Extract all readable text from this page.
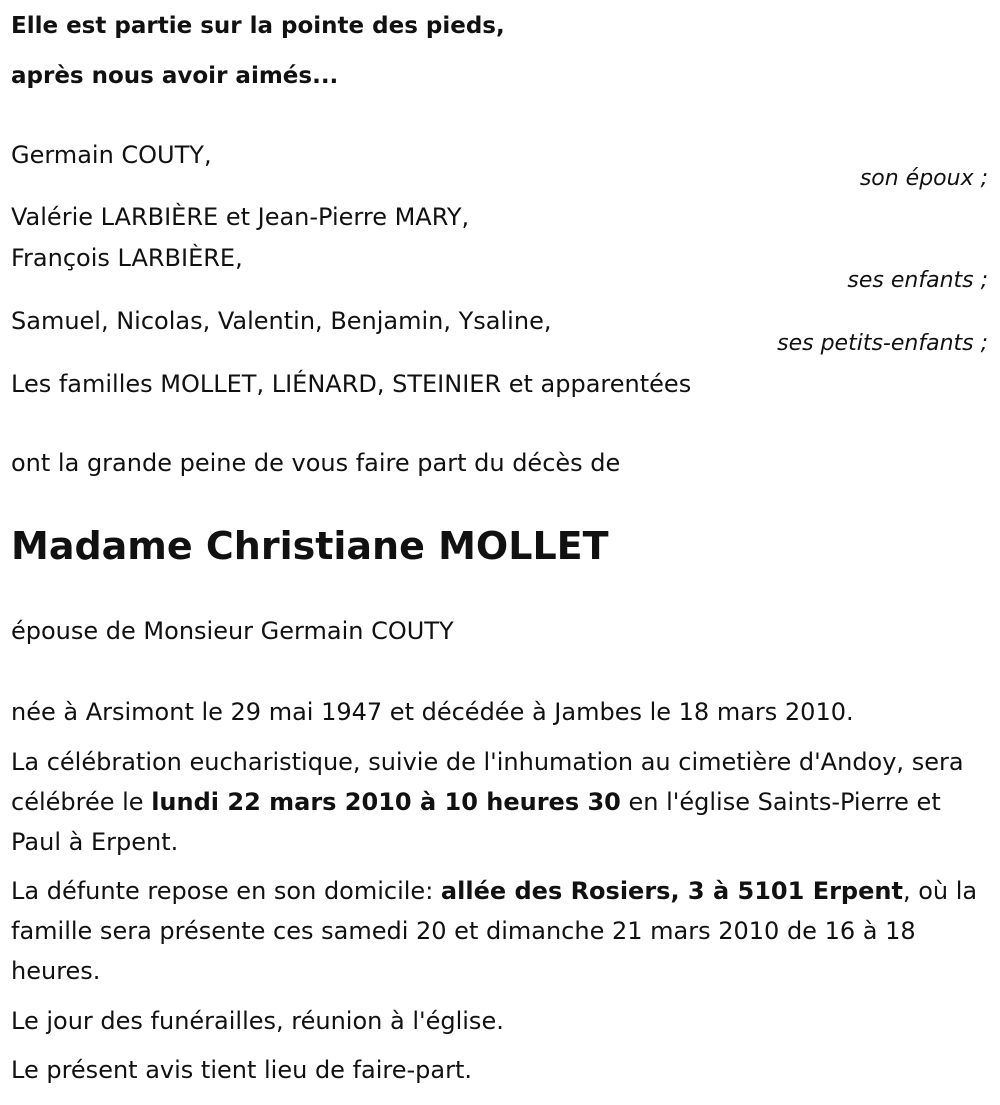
Elle est partie sur la pointe des pieds,
après nous avoir aimés...
Germain COUTY,
son époux ;
Valérie LARBIÈRE et Jean-Pierre MARY,
François LARBIÈRE,
ses enfants ;
Samuel, Nicolas, Valentin, Benjamin, Ysaline,
ses petits-enfants ;
Les familles MOLLET, LIÉNARD, STEINIER et apparentées
ont la grande peine de vous faire part du décès de
Madame Christiane MOLLET
épouse de Monsieur Germain COUTY
née à Arsimont le 29 mai 1947 et décédée à Jambes le 18 mars 2010.
La célébration eucharistique, suivie de l'inhumation au cimetière d'Andoy, sera célébrée le lundi 22 mars 2010 à 10 heures 30 en l'église Saints-Pierre et Paul à Erpent.
La défunte repose en son domicile: allée des Rosiers, 3 à 5101 Erpent, où la famille sera présente ces samedi 20 et dimanche 21 mars 2010 de 16 à 18 heures.
Le jour des funérailles, réunion à l'église.
Le présent avis tient lieu de faire-part.
